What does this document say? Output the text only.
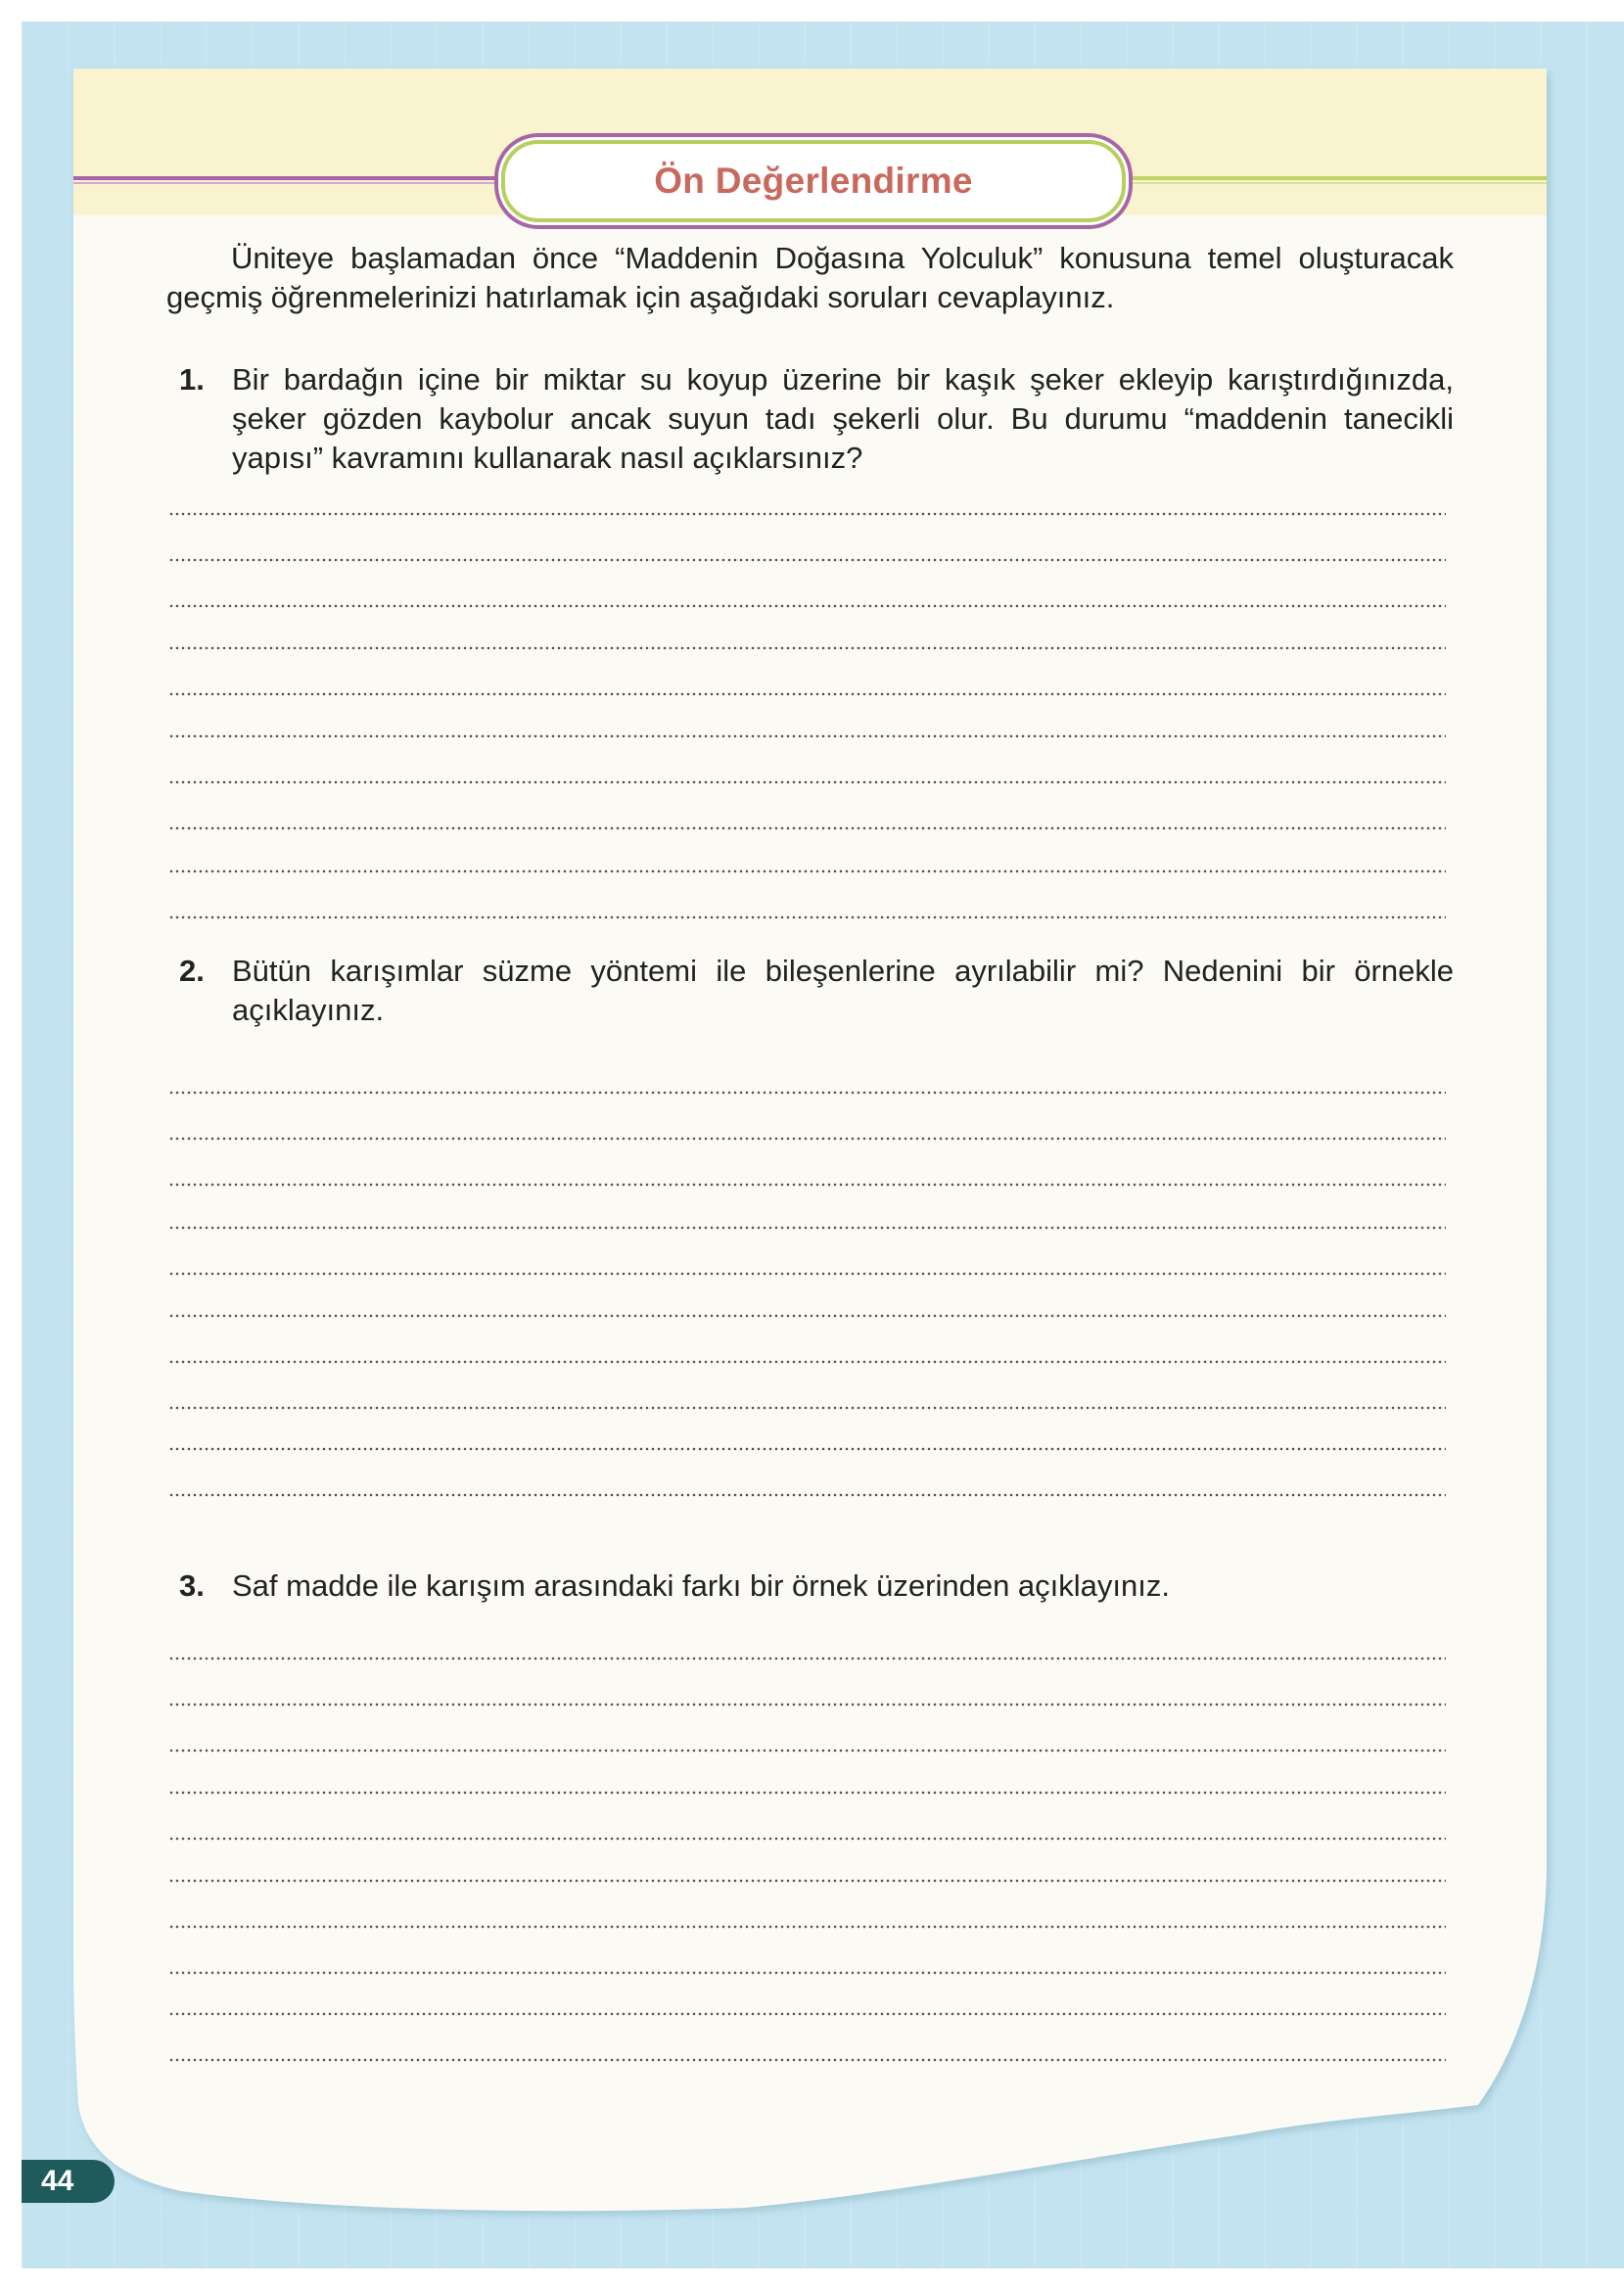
Ön Değerlendirme
Üniteye başlamadan önce “Maddenin Doğasına Yolculuk” konusuna temel oluşturacak geçmiş öğrenmelerinizi hatırlamak için aşağıdaki soruları cevaplayınız.
1. Bir bardağın içine bir miktar su koyup üzerine bir kaşık şeker ekleyip karıştırdığınızda, şeker gözden kaybolur ancak suyun tadı şekerli olur. Bu durumu “maddenin tanecikli yapısı” kavramını kullanarak nasıl açıklarsınız?
2. Bütün karışımlar süzme yöntemi ile bileşenlerine ayrılabilir mi? Nedenini bir örnekle açıklayınız.
3. Saf madde ile karışım arasındaki farkı bir örnek üzerinden açıklayınız.
44
